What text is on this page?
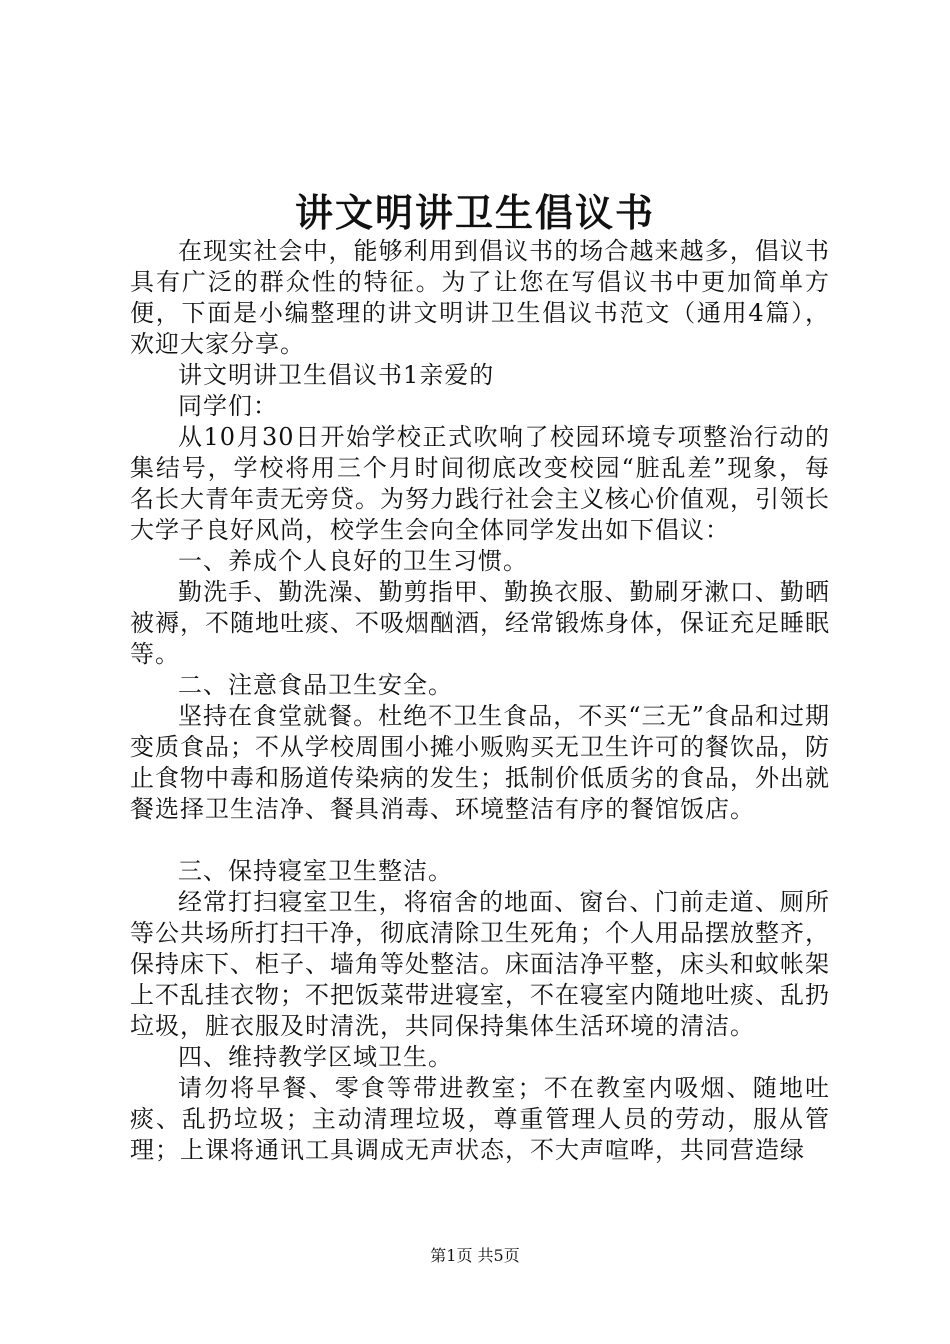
讲文明讲卫生倡议书

在现实社会中，能够利用到倡议书的场合越来越多，倡议书具有广泛的群众性的特征。为了让您在写倡议书中更加简单方便，下面是小编整理的讲文明讲卫生倡议书范文（通用4篇），欢迎大家分享。

讲文明讲卫生倡议书1亲爱的

同学们：

从10月30日开始学校正式吹响了校园环境专项整治行动的集结号，学校将用三个月时间彻底改变校园“脏乱差”现象，每名长大青年责无旁贷。为努力践行社会主义核心价值观，引领长大学子良好风尚，校学生会向全体同学发出如下倡议：

一、养成个人良好的卫生习惯。

勤洗手、勤洗澡、勤剪指甲、勤换衣服、勤刷牙漱口、勤晒被褥，不随地吐痰、不吸烟酗酒，经常锻炼身体，保证充足睡眠等。

二、注意食品卫生安全。

坚持在食堂就餐。杜绝不卫生食品，不买“三无”食品和过期变质食品；不从学校周围小摊小贩购买无卫生许可的餐饮品，防止食物中毒和肠道传染病的发生；抵制价低质劣的食品，外出就餐选择卫生洁净、餐具消毒、环境整洁有序的餐馆饭店。

三、保持寝室卫生整洁。

经常打扫寝室卫生，将宿舍的地面、窗台、门前走道、厕所等公共场所打扫干净，彻底清除卫生死角；个人用品摆放整齐，保持床下、柜子、墙角等处整洁。床面洁净平整，床头和蚊帐架上不乱挂衣物；不把饭菜带进寝室，不在寝室内随地吐痰、乱扔垃圾，脏衣服及时清洗，共同保持集体生活环境的清洁。

四、维持教学区域卫生。

请勿将早餐、零食等带进教室；不在教室内吸烟、随地吐痰、乱扔垃圾；主动清理垃圾，尊重管理人员的劳动，服从管理；上课将通讯工具调成无声状态，不大声喧哗，共同营造绿

第1页 共5页
